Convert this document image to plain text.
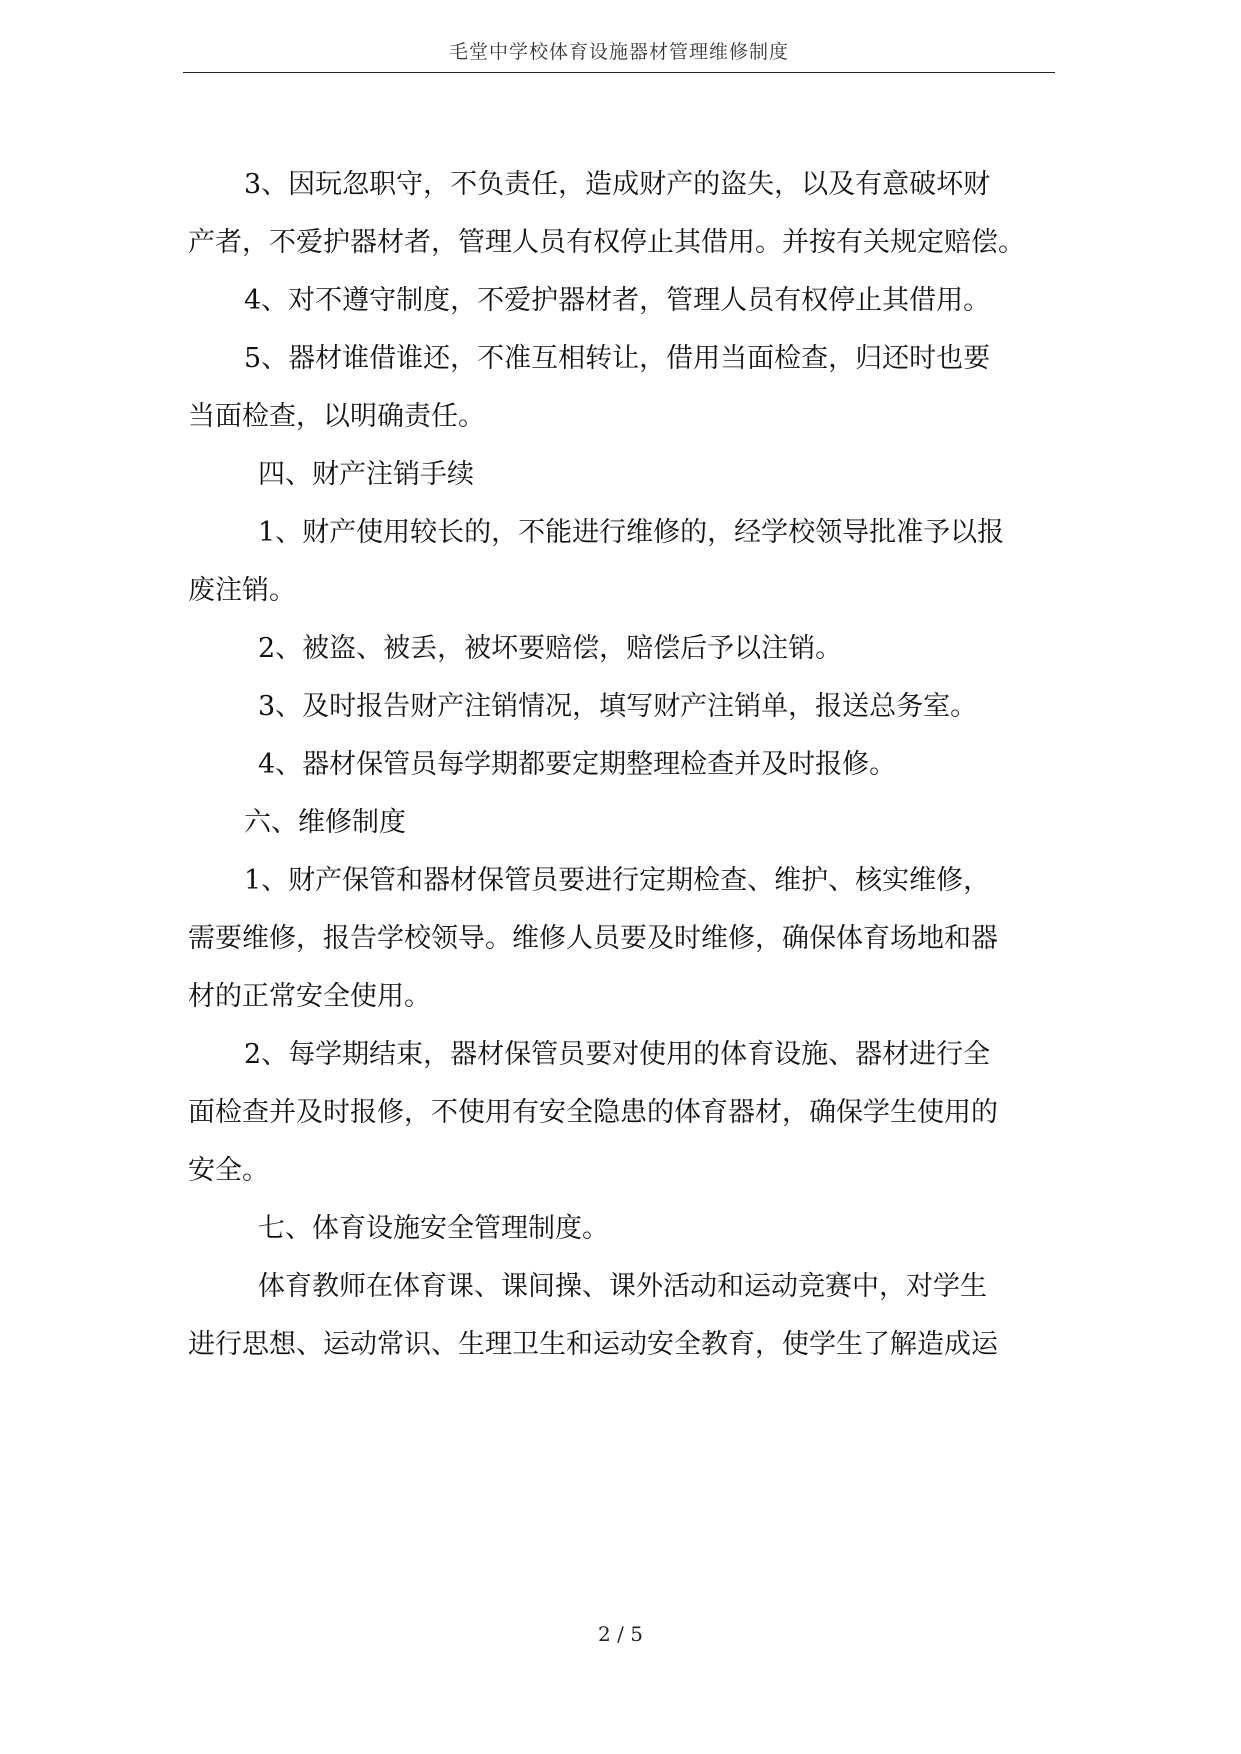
毛堂中学校体育设施器材管理维修制度
3、因玩忽职守，不负责任，造成财产的盗失，以及有意破坏财
产者，不爱护器材者，管理人员有权停止其借用。并按有关规定赔偿。
4、对不遵守制度，不爱护器材者，管理人员有权停止其借用。
5、器材谁借谁还，不准互相转让，借用当面检查，归还时也要
当面检查，以明确责任。
四、财产注销手续
1、财产使用较长的，不能进行维修的，经学校领导批准予以报
废注销。
2、被盗、被丢，被坏要赔偿，赔偿后予以注销。
3、及时报告财产注销情况，填写财产注销单，报送总务室。
4、器材保管员每学期都要定期整理检查并及时报修。
六、维修制度
1、财产保管和器材保管员要进行定期检查、维护、核实维修，
需要维修，报告学校领导。维修人员要及时维修，确保体育场地和器
材的正常安全使用。
2、每学期结束，器材保管员要对使用的体育设施、器材进行全
面检查并及时报修，不使用有安全隐患的体育器材，确保学生使用的
安全。
七、体育设施安全管理制度。
体育教师在体育课、课间操、课外活动和运动竞赛中，对学生
进行思想、运动常识、生理卫生和运动安全教育，使学生了解造成运
2 / 5
